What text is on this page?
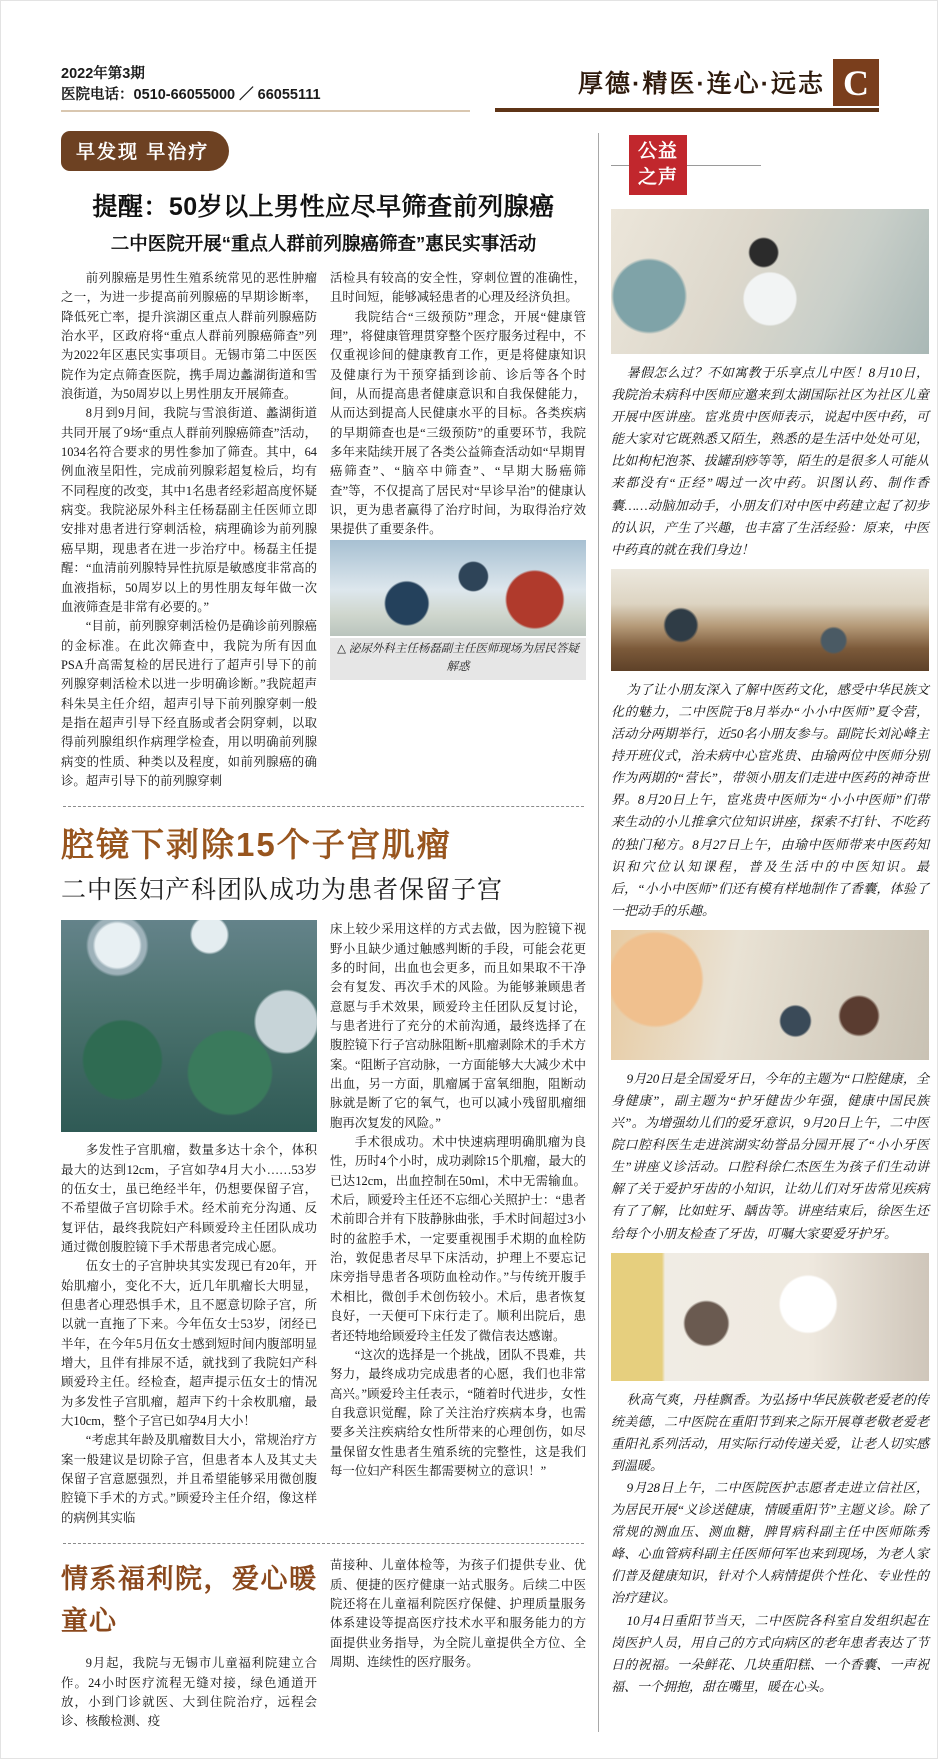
2022年第3期
医院电话：0510-66055000 ／ 66055111	厚德·精医·连心·远志 C
早发现 早治疗
提醒：50岁以上男性应尽早筛查前列腺癌
二中医院开展“重点人群前列腺癌筛查”惠民实事活动

前列腺癌是男性生殖系统常见的恶性肿瘤之一，为进一步提高前列腺癌的早期诊断率，降低死亡率，提升滨湖区重点人群前列腺癌防治水平，区政府将“重点人群前列腺癌筛查”列为2022年区惠民实事项目。无锡市第二中医医院作为定点筛查医院，携手周边蠡湖街道和雪浪街道，为50周岁以上男性朋友开展筛查。

8月到9月间，我院与雪浪街道、蠡湖街道共同开展了9场“重点人群前列腺癌筛查”活动，1034名符合要求的男性参加了筛查。其中，64例血液呈阳性，完成前列腺彩超复检后，均有不同程度的改变，其中1名患者经彩超高度怀疑病变。我院泌尿外科主任杨磊副主任医师立即安排对患者进行穿刺活检，病理确诊为前列腺癌早期，现患者在进一步治疗中。杨磊主任提醒：“血清前列腺特异性抗原是敏感度非常高的血液指标，50周岁以上的男性朋友每年做一次血液筛查是非常有必要的。”

“目前，前列腺穿刺活检仍是确诊前列腺癌的金标准。在此次筛查中，我院为所有因血PSA升高需复检的居民进行了超声引导下的前列腺穿刺活检术以进一步明确诊断。”我院超声科朱昊主任介绍，超声引导下前列腺穿刺一般是指在超声引导下经直肠或者会阴穿刺，以取得前列腺组织作病理学检查，用以明确前列腺病变的性质、种类以及程度，如前列腺癌的确诊。超声引导下的前列腺穿刺

活检具有较高的安全性，穿刺位置的准确性，且时间短，能够减轻患者的心理及经济负担。

我院结合“三级预防”理念，开展“健康管理”，将健康管理贯穿整个医疗服务过程中，不仅重视诊间的健康教育工作，更是将健康知识及健康行为干预穿插到诊前、诊后等各个时间，从而提高患者健康意识和自我保健能力，从而达到提高人民健康水平的目标。各类疾病的早期筛查也是“三级预防”的重要环节，我院多年来陆续开展了各类公益筛查活动如“早期胃癌筛查”、“脑卒中筛查”、“早期大肠癌筛查”等，不仅提高了居民对“早诊早治”的健康认识，更为患者赢得了治疗时间，为取得治疗效果提供了重要条件。

△ 泌尿外科主任杨磊副主任医师现场为居民答疑解惑
腔镜下剥除15个子宫肌瘤
二中医妇产科团队成功为患者保留子宫

多发性子宫肌瘤，数量多达十余个，体积最大的达到12cm，子宫如孕4月大小……53岁的伍女士，虽已绝经半年，仍想要保留子宫，不希望做子宫切除手术。经术前充分沟通、反复评估，最终我院妇产科顾爱玲主任团队成功通过微创腹腔镜下手术帮患者完成心愿。

伍女士的子宫肿块其实发现已有20年，开始肌瘤小，变化不大，近几年肌瘤长大明显，但患者心理恐惧手术，且不愿意切除子宫，所以就一直拖了下来。今年伍女士53岁，闭经已半年，在今年5月伍女士感到短时间内腹部明显增大，且伴有排尿不适，就找到了我院妇产科顾爱玲主任。经检查，超声提示伍女士的情况为多发性子宫肌瘤，超声下约十余枚肌瘤，最大10cm，整个子宫已如孕4月大小！

“考虑其年龄及肌瘤数目大小，常规治疗方案一般建议是切除子宫，但患者本人及其丈夫保留子宫意愿强烈，并且希望能够采用微创腹腔镜下手术的方式。”顾爱玲主任介绍，像这样的病例其实临

床上较少采用这样的方式去做，因为腔镜下视野小且缺少通过触感判断的手段，可能会花更多的时间，出血也会更多，而且如果取不干净会有复发、再次手术的风险。为能够兼顾患者意愿与手术效果，顾爱玲主任团队反复讨论，与患者进行了充分的术前沟通，最终选择了在腹腔镜下行子宫动脉阻断+肌瘤剥除术的手术方案。“阻断子宫动脉，一方面能够大大减少术中出血，另一方面，肌瘤属于富氧细胞，阻断动脉就是断了它的氧气，也可以减小残留肌瘤细胞再次复发的风险。”

手术很成功。术中快速病理明确肌瘤为良性，历时4个小时，成功剥除15个肌瘤，最大的已达12cm，出血控制在50ml，术中无需输血。术后，顾爱玲主任还不忘细心关照护士：“患者术前即合并有下肢静脉曲张，手术时间超过3小时的盆腔手术，一定要重视围手术期的血栓防治，敦促患者尽早下床活动，护理上不要忘记床旁指导患者各项防血栓动作。”与传统开腹手术相比，微创手术创伤较小。术后，患者恢复良好，一天便可下床行走了。顺利出院后，患者还特地给顾爱玲主任发了微信表达感谢。

“这次的选择是一个挑战，团队不畏难，共努力，最终成功完成患者的心愿，我们也非常高兴。”顾爱玲主任表示，“随着时代进步，女性自我意识觉醒，除了关注治疗疾病本身，也需要多关注疾病给女性所带来的心理创伤，如尽量保留女性患者生殖系统的完整性，这是我们每一位妇产科医生都需要树立的意识！”

情系福利院，爱心暖童心

9月起，我院与无锡市儿童福利院建立合作。24小时医疗流程无缝对接，绿色通道开放，小到门诊就医、大到住院治疗，远程会诊、核酸检测、疫

苗接种、儿童体检等，为孩子们提供专业、优质、便捷的医疗健康一站式服务。后续二中医院还将在儿童福利院医疗保健、护理质量服务体系建设等提高医疗技术水平和服务能力的方面提供业务指导，为全院儿童提供全方位、全周期、连续性的医疗服务。

公益
之声

暑假怎么过？不如寓教于乐享点儿中医！8月10日，我院治未病科中医师应邀来到太湖国际社区为社区儿童开展中医讲座。宦兆贵中医师表示，说起中医中药，可能大家对它既熟悉又陌生，熟悉的是生活中处处可见，比如枸杞泡茶、拔罐刮痧等等，陌生的是很多人可能从来都没有“正经”喝过一次中药。识图认药、制作香囊……动脑加动手，小朋友们对中医中药建立起了初步的认识，产生了兴趣，也丰富了生活经验：原来，中医中药真的就在我们身边！

为了让小朋友深入了解中医药文化，感受中华民族文化的魅力，二中医院于8月举办“小小中医师”夏令营，活动分两期举行，近50名小朋友参与。副院长刘沁峰主持开班仪式，治未病中心宦兆贵、由瑜两位中医师分别作为两期的“营长”，带领小朋友们走进中医药的神奇世界。8月20日上午，宦兆贵中医师为“小小中医师”们带来生动的小儿推拿穴位知识讲座，探索不打针、不吃药的独门秘方。8月27日上午，由瑜中医师带来中医药知识和穴位认知课程，普及生活中的中医知识。最后，“小小中医师”们还有模有样地制作了香囊，体验了一把动手的乐趣。

9月20日是全国爱牙日，今年的主题为“口腔健康，全身健康”，副主题为“护牙健齿少年强，健康中国民族兴”。为增强幼儿们的爱牙意识，9月20日上午，二中医院口腔科医生走进滨湖实幼誉品分园开展了“小小牙医生”讲座义诊活动。口腔科徐仁杰医生为孩子们生动讲解了关于爱护牙齿的小知识，让幼儿们对牙齿常见疾病有了了解，比如蛀牙、龋齿等。讲座结束后，徐医生还给每个小朋友检查了牙齿，叮嘱大家要爱牙护牙。

秋高气爽，丹桂飘香。为弘扬中华民族敬老爱老的传统美德，二中医院在重阳节到来之际开展尊老敬老爱老重阳礼系列活动，用实际行动传递关爱，让老人切实感到温暖。

9月28日上午，二中医院医护志愿者走进立信社区，为居民开展“义诊送健康，情暖重阳节”主题义诊。除了常规的测血压、测血糖，脾胃病科副主任中医师陈秀峰、心血管病科副主任医师何军也来到现场，为老人家们普及健康知识，针对个人病情提供个性化、专业性的治疗建议。

10月4日重阳节当天，二中医院各科室自发组织起在岗医护人员，用自己的方式向病区的老年患者表达了节日的祝福。一朵鲜花、几块重阳糕、一个香囊、一声祝福、一个拥抱，甜在嘴里，暖在心头。
